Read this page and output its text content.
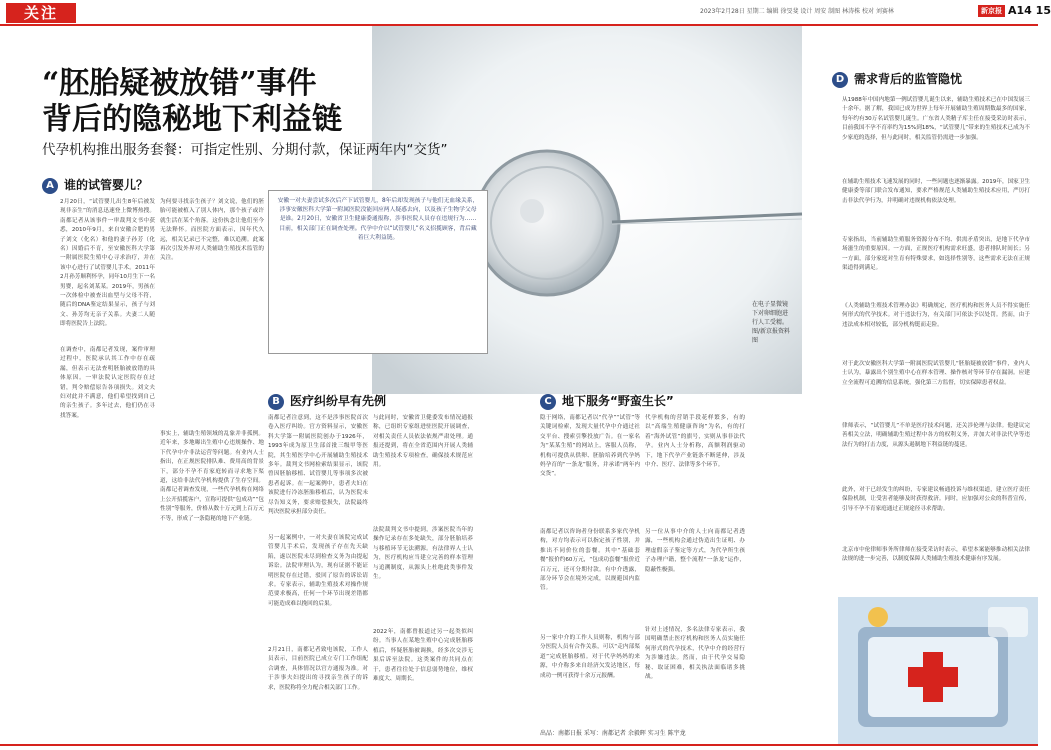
关注	2023年2月28日 星期二 编辑 徐旻斐 设计 周安 制图 林涛株 校对 刘赛林	新京报 A14 15
“胚胎疑被放错”事件
背后的隐秘地下利益链
代孕机构推出服务套餐：可指定性别、分期付款，保证两年内“交货”
A 谁的试管婴儿？
2月20日，“试管婴儿出生8年后被发现非亲生”的消息迅速登上微博热搜。南都记者从该事件一审裁判文书中获悉，2010年9月，来自安徽合肥的男子刘文（化名）和他的妻子孙芳（化名）因婚后不育，至安徽医科大学第一附属医院生殖中心寻求治疗，并在该中心进行了试管婴儿手术。2011年2月孙芳顺利怀孕，同年10月生下一名男婴，起名刘某某。2019年，男孩在一次体检中被查出血型与父母不符，随后的DNA鉴定结果显示，孩子与刘文、孙芳均无亲子关系。夫妻二人随即将医院告上法院。
在调查中，南都记者发现，案件审理过程中，医院承认其工作中存在疏漏，但表示无法查明胚胎被放错的具体原因。一审法院认定医院存在过错，判令赔偿原告各项损失。刘文夫妇对此并不满意，他们希望找到自己的亲生孩子。多年过去，他们仍在寻找答案。
为何要寻找亲生孩子？刘文说，他们的胚胎可能被植入了别人体内，那个孩子或许就生活在某个角落。这份执念让他们至今无法释怀。而医院方面表示，因年代久远，相关记录已不完整，难以追溯。此案再次引发外界对人类辅助生殖技术监管的关注。
事实上，辅助生殖领域的乱象并非孤例。近年来，多地曝出生殖中心违规操作、地下代孕中介非法运营等问题。有业内人士指出，在正规医院排队难、费用高的背景下，部分不孕不育家庭转而寻求地下渠道，这给非法代孕机构提供了生存空间。南都记者调查发现，一些代孕机构在网络上公开招揽客户，宣称可提供“包成功”“包性别”等服务，价格从数十万元到上百万元不等，形成了一条隐秘的地下产业链。
安徽一对夫妻尝试多次后产下试管婴儿，8年后却发现孩子与他们无血缘关系，涉事安徽医科大学第一附属医院没能回应两人疑惑去向，以及孩子生物学父母是谁。2月20日，安徽省卫生健康委通报称，涉事医院人员存在违规行为……目前，相关部门正在调查处理。代孕中介以“试管婴儿”名义招揽顾客，背后藏着巨大利益链。
在电子显微镜下对卵细胞进行人工受精。 图/新京报资料图
B 医疗纠纷早有先例
南都记者注意到，这不是涉事医院首次卷入医疗纠纷。官方资料显示，安徽医科大学第一附属医院创办于1926年，1993年成为原卫生部首批三级甲等医院，其生殖医学中心开展辅助生殖技术多年。裁判文书网检索结果显示，该院曾因胚胎移植、试管婴儿等事项多次被患者起诉。在一起案例中，患者夫妇在该院进行冷冻胚胎移植后，认为医院未尽告知义务，要求赔偿损失，法院最终判决医院承担部分责任。
另一起案例中，一对夫妻在该院完成试管婴儿手术后，发现孩子存在先天缺陷，遂以医院未尽到检查义务为由提起诉讼。法院审理认为，现有证据不能证明医院存在过错，驳回了原告的诉讼请求。专家表示，辅助生殖技术对操作规范要求极高，任何一个环节出现差错都可能造成难以挽回的后果。
2月21日，南都记者致电该院，工作人员表示，目前医院已成立专门工作组配合调查，具体情况以官方通报为准。对于涉事夫妇提出的寻找亲生孩子的诉求，医院称将全力配合相关部门工作。
与此同时，安徽省卫健委发布情况通报称，已组织专家组进驻医院开展调查，对相关责任人员依法依规严肃处理。通报还提到，将在全省范围内开展人类辅助生殖技术专项检查，确保技术规范应用。
法院裁判文书中提到，涉案医院当年的操作记录存在多处缺失，部分胚胎培养与移植环节无法溯源。有法律界人士认为，医疗机构应当建立完善的样本管理与追溯制度，从源头上杜绝此类事件发生。
2022年，南都曾报道过另一起类似纠纷。当事人在某地生殖中心完成胚胎移植后，怀疑胚胎被调换，经多次交涉无果后诉至法院。这类案件的共同点在于，患者往往处于信息弱势地位，维权难度大、周期长。
C 地下服务“野蛮生长”
隐于网络，南都记者以“代孕”“试管”等关键词检索，发现大量代孕中介通过社交平台、搜索引擎投放广告。在一家名为“某某生殖”的网站上，客服人员称，机构可提供从供卵、胚胎培养到代孕妈妈孕育的“一条龙”服务，并承诺“两年内交货”。
南都记者以咨询者身份联系多家代孕机构，对方均表示可以指定孩子性别，并推出不同价位的套餐。其中“基础套餐”报价约60万元，“包成功套餐”报价近百万元，还可分期付款。有中介透露，部分环节会在境外完成，以规避国内监管。
另一家中介的工作人员则称，机构与部分医院人员有合作关系，可以“走内部渠道”完成胚胎移植。对于代孕妈妈的来源，中介称多来自经济欠发达地区，每成功一例可获得十余万元报酬。
代孕机构的营销手段花样繁多，有的以“高端生殖健康咨询”为名，有的打着“海外试管”的旗号，实则从事非法代孕。业内人士分析称，高额利润驱动下，地下代孕产业链条不断延伸，涉及中介、医疗、法律等多个环节。
另一位从事中介的人士向南都记者透露，一些机构会通过伪造出生证明、办理虚假亲子鉴定等方式，为代孕所生孩子办理户籍，整个流程“一条龙”运作，隐蔽性极强。
针对上述情况，多名法律专家表示，我国明确禁止医疗机构和医务人员实施任何形式的代孕技术，代孕中介的经营行为涉嫌违法。然而，由于代孕交易隐秘、取证困难，相关执法面临诸多挑战。
出品：南都日报 采写：南都记者 余毅晖 实习生 陈宇龙
D 需求背后的监管隐忧
从1988年中国内地第一例试管婴儿诞生以来，辅助生殖技术已在中国发展三十余年。据了解，我国已成为世界上每年开展辅助生殖周期数最多的国家，每年约有30万名试管婴儿诞生。广东省人类精子库主任在接受采访时表示，目前我国不孕不育率约为15%到18%，“试管婴儿”带来的生殖技术已成为不少家庭的选择，但与此同时，相关监管仍需进一步加强。
在辅助生殖技术飞速发展的同时，一些问题也逐渐暴露。2019年，国家卫生健康委等部门联合发布通知，要求严格规范人类辅助生殖技术应用，严厉打击非法代孕行为，并明确对违规机构依法处理。
专家指出，当前辅助生殖服务资源分布不均、供需矛盾突出，是地下代孕市场滋生的重要原因。一方面，正规医疗机构需求旺盛，患者排队时间长；另一方面，部分家庭对生育有特殊要求，如选择性别等，这些需求无法在正规渠道得到满足。
《人类辅助生殖技术管理办法》明确规定，医疗机构和医务人员不得实施任何形式的代孕技术。对于违法行为，有关部门可依法予以处罚。然而，由于违法成本相对较低，部分机构铤而走险。
对于此次安徽医科大学第一附属医院试管婴儿“胚胎疑被放错”事件，业内人士认为，暴露出个别生殖中心在样本管理、操作核对等环节存在漏洞。应建立全流程可追溯的信息系统，强化第三方监督，切实保障患者权益。
律师表示，“试管婴儿”不单是医疗技术问题，还关涉伦理与法律。他建议完善相关立法，明确辅助生殖过程中各方的权利义务，并加大对非法代孕等违法行为的打击力度，从源头遏制地下利益链的蔓延。
此外，对于已经发生的纠纷，专家建议畅通投诉与维权渠道，建立医疗责任保险机制，让受害者能够及时获得救济。同时，应加强对公众的科普宣传，引导不孕不育家庭通过正规途径寻求帮助。
北京市中伦律师事务所律师在接受采访时表示，希望本案能够推动相关法律法规的进一步完善，以制度保障人类辅助生殖技术健康有序发展。
